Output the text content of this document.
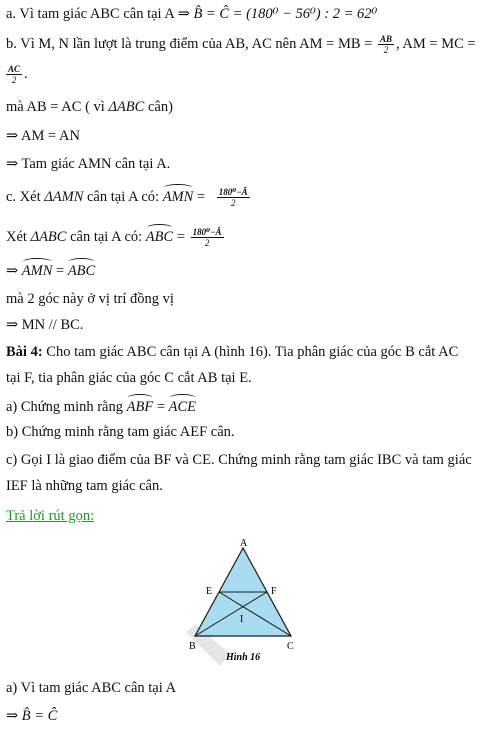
a. Vì tam giác ABC cân tại A ⇒ B̂ = Ĉ = (180⁰ − 56⁰) : 2 = 62⁰
b. Vì M, N lần lượt là trung điểm của AB, AC nên AM = MB = $\frac{AB}{2}$ , AM = MC =
$\frac{AC}{2}$ .
mà AB = AC ( vì ΔABC cân)
⇒ AM = AN
⇒ Tam giác AMN cân tại A.
c. Xét ΔAMN cân tại A có: AMN = $\frac{\text{180⁰−Â}}{2}$
Xét ΔABC cân tại A có: ABC = $\frac{\text{180⁰−Â}}{2}$
⇒ AMN = ABC
mà 2 góc này ở vị trí đồng vị
⇒ MN // BC.
Bài 4: Cho tam giác ABC cân tại A (hình 16). Tia phân giác của góc B cắt AC
tại F, tia phân giác của góc C cắt AB tại E.
a) Chứng minh rằng ABF = ACE
b) Chứng minh rằng tam giác AEF cân.
c) Gọi I là giao điểm của BF và CE. Chứng minh rằng tam giác IBC và tam giác
IEF là những tam giác cân.
Trả lời rút gọn:
A
E	F
I
B	C
Hình 16
a) Vì tam giác ABC cân tại A
⇒ B̂ = Ĉ
